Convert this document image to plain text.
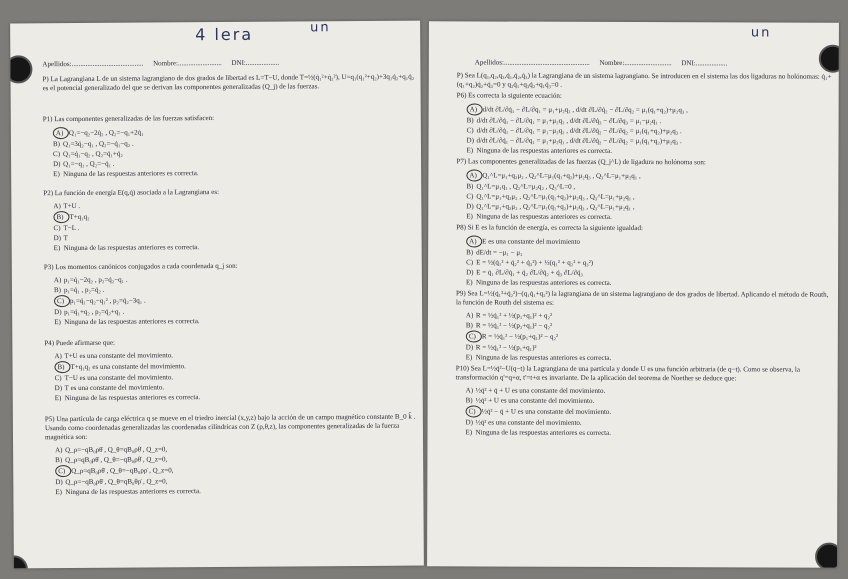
4 lera	un
Apellidos:......................................... Nombre:......................... DNI:...................
P) La Lagrangiana L de un sistema lagrangiano de dos grados de libertad es L=T−U, donde T=½(q̇₁²+q̇₂²), U=q₁(q₁²+q₂)+3q₁q̇₂+q₁q̇₂ es el potencial generalizado del que se derivan las componentes generalizadas (Q_j) de las fuerzas.
P1) Las componentes generalizadas de las fuerzas satisfacen:
A) Q₁=−q₂−2q̇₂ , Q₂=−q₁+2q̇₁
B) Q₁=3q̇₂−q₁ , Q₂=−q̇₁−q₂ .
C) Q₁=q̇₁−q₂ , Q₂=q̇₁+q̇₂
D) Q₁=−q₁ , Q₂=−q̇₁ .
E) Ninguna de las respuestas anteriores es correcta.
P2) La función de energía E(q,q̇) asociada a la Lagrangiana es:
A) T+U .
B) T+q₁q₂
C) T−L .
D) T
E) Ninguna de las respuestas anteriores es correcta.
P3) Los momentos canónicos conjugados a cada coordenada q_j son:
A) p₁=q̇₁−2q₂ , p₂=q̇₂−q₁ .
B) p₁=q̇₁ , p₂=q̇₂ .
C) p₁=q̇₁−q₂−q₁² , p₂=q̇₂−3q₁ .
D) p₁=q̇₁+q₂ , p₂=q̇₂+q₁ .
E) Ninguna de las respuestas anteriores es correcta.
P4) Puede afirmarse que:
A) T+U es una constante del movimiento.
B) T+q₁q₂ es una constante del movimiento.
C) T−U es una constante del movimiento.
D) T es una constante del movimiento.
E) Ninguna de las respuestas anteriores es correcta.
P5) Una partícula de carga eléctrica q se mueve en el triedro inercial (x,y,z) bajo la acción de un campo magnético constante B_0 k̂ . Usando como coordenadas generalizadas las coordenadas cilíndricas con Z (ρ,θ,z), las componentes generalizadas de la fuerza magnética son:
A) Q_ρ=−qB₀ρθ̇ , Q_θ=qB₀ρθ̇ , Q_z=0,
B) Q_ρ=qB₀ρθ̇ , Q_θ=−qB₀ρθ̇ , Q_z=0,
C) Q_ρ=qB₀ρθ̇ , Q_θ=−qB₀ρρ̇ , Q_z=0,
D) Q_ρ=−qB₀ρθ̇ , Q_θ=qB₀θρ̇ , Q_z=0,
E) Ninguna de las respuestas anteriores es correcta.
un
Apellidos:................................................. Nombre:........................... DNI:..................
P) Sea L(q₁,q₂,q₃,q̇₁,q̇₂,q̇₃) la Lagrangiana de un sistema lagrangiano. Se introducen en el sistema las dos ligaduras no holónomas: q̇₁+(q₁+q₂)q̇₂+q̇₃=0 y q₂q̇₁+q₃q̇₂+q₁q̇₃=0 .
P6) Es correcta la siguiente ecuación:
A) d/dt ∂L/∂q̇₁ − ∂L/∂q₁ = μ₁+μ₂q₂ , d/dt ∂L/∂q̇₂ − ∂L/∂q₂ = μ₁(q₁+q₂)+μ₂q₃ ,
B) d/dt ∂L/∂q̇₁ − ∂L/∂q₁ = μ₁+μ₂q₂ , d/dt ∂L/∂q̇₃ − ∂L/∂q₃ = μ₁−μ₂q₁ .
C) d/dt ∂L/∂q̇₁ − ∂L/∂q₁ = μ₁−μ₂q₂ , d/dt ∂L/∂q̇₂ − ∂L/∂q₂ = μ₁(q₁+q₂)+μ₂q₃ .
D) d/dt ∂L/∂q̇₁ − ∂L/∂q₁ = μ₁+μ₂q₁ , d/dt ∂L/∂q̇₂ − ∂L/∂q₂ = μ₁(q₁+q₂)+μ₂q₃ .
E) Ninguna de las respuestas anteriores es correcta.
P7) Las componentes generalizadas de las fuerzas (Q_j^L) de ligadura no holónoma son:
A) Q₁^L=μ₁+q₂μ₂ , Q₂^L=μ₁(q₁+q₂)+μ₂q₃ , Q₃^L=μ₁+μ₂q₁ ,
B) Q₁^L=μ₁q₁ , Q₂^L=μ₂q₂ , Q₃^L=0 ,
C) Q₁^L=μ₁+q₂μ₂ , Q₂^L=μ₁(q₁+q₂)+μ₂q₃ , Q₃^L=μ₁+μ₂q₁ ,
D) Q₁^L=μ₁+q₂μ₂ , Q₂^L=μ₁(q₁+q₂)+μ₂q₃ , Q₃^L=μ₁+μ₂q₁ ,
E) Ninguna de las respuestas anteriores es correcta.
P8) Si E es la función de energía, es correcta la siguiente igualdad:
A) E es una constante del movimiento
B) dE/dt = −μ₁ − μ₂
C) E = ½(q̇₁² + q̇₂² + q̇₃²) + ½(q₁² + q₂² + q₃²)
D) E = q̇₁ ∂L/∂q̇₁ + q̇₂ ∂L/∂q̇₂ + q̇₃ ∂L/∂q̇₃
E) Ninguna de las respuestas anteriores es correcta.
P9) Sea L=½(q̇₁²+q̇₂²)−(q₁q̇₁+q₂²) la lagrangiana de un sistema lagrangiano de dos grados de libertad. Aplicando el método de Routh, la función de Routh del sistema es:
A) R = ½q̇₁² + ½(p₁+q₁)² + q₂²
B) R = ½q̇₁² − ½(p₂+q₁)² − q₂²
C) R = ½q̇₁² − ½(p₁+q₁)² − q₂²
D) R = ½q̇₁² − ½(p₁+q₁)²
E) Ninguna de las respuestas anteriores es correcta.
P10) Sea L=½q̇²−U(q−t) la Lagrangiana de una partícula y donde U es una función arbitraria (de q−t). Como se observa, la transformación q'=q+α, t'=t+α es invariante. De la aplicación del teorema de Noether se deduce que:
A) ½q̇² + q̇ + U es una constante del movimiento.
B) ½q̇² + U es una constante del movimiento.
C) ½q̇² − q̇ + U es una constante del movimiento.
D) ½q̇² es una constante del movimiento.
E) Ninguna de las respuestas anteriores es correcta.
